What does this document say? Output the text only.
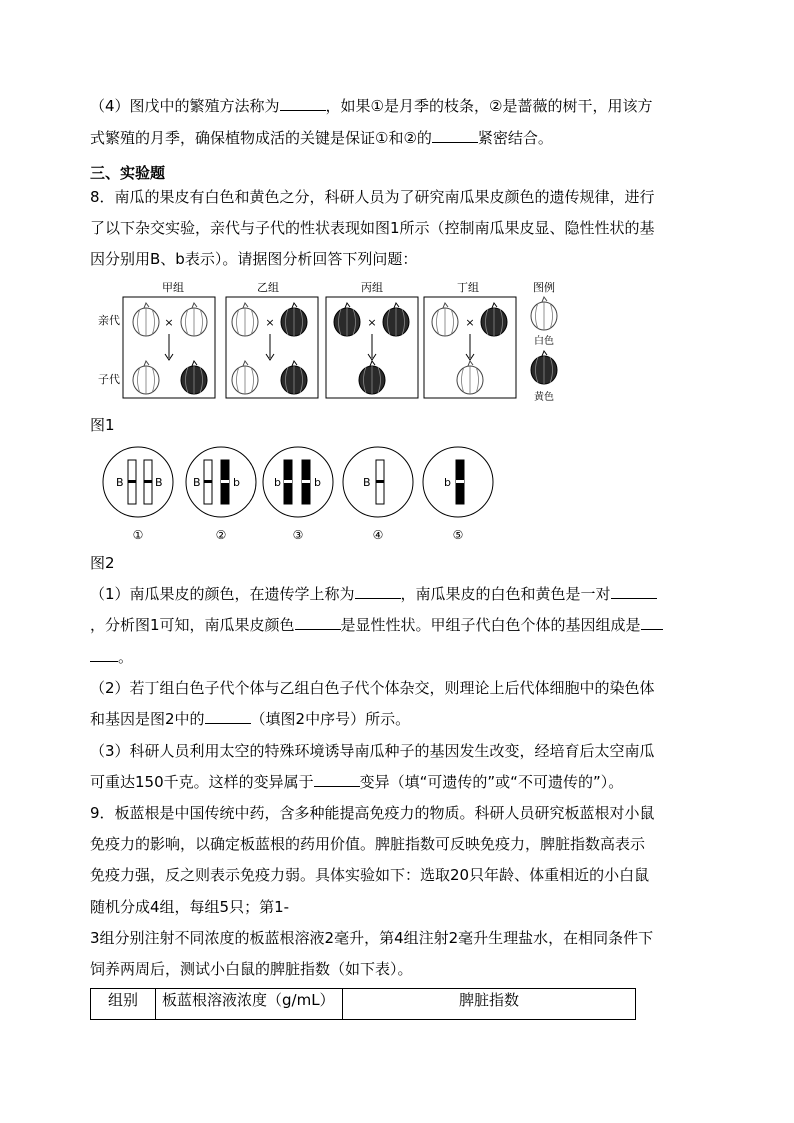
（4）图戊中的繁殖方法称为	，如果①是月季的枝条，②是蔷薇的树干，用该方
式繁殖的月季，确保植物成活的关键是保证①和②的	紧密结合。
三、实验题
8．南瓜的果皮有白色和黄色之分，科研人员为了研究南瓜果皮颜色的遗传规律，进行
了以下杂交实验，亲代与子代的性状表现如图1所示（控制南瓜果皮显、隐性性状的基
因分别用B、b表示）。请据图分析回答下列问题：
亲代
子代
甲组	乙组	丙组	丁组	图例
×	×	×	×
白色
黄色
图1
B	B
①
B	b
②
b	b
③
B
④
b
⑤
图2
（1）南瓜果皮的颜色，在遗传学上称为	，南瓜果皮的白色和黄色是一对
，分析图1可知，南瓜果皮颜色	是显性性状。甲组子代白色个体的基因组成是
。
（2）若丁组白色子代个体与乙组白色子代个体杂交，则理论上后代体细胞中的染色体
和基因是图2中的	（填图2中序号）所示。
（3）科研人员利用太空的特殊环境诱导南瓜种子的基因发生改变，经培育后太空南瓜
可重达150千克。这样的变异属于	变异（填“可遗传的”或“不可遗传的”）。
9．板蓝根是中国传统中药，含多种能提高免疫力的物质。科研人员研究板蓝根对小鼠
免疫力的影响，以确定板蓝根的药用价值。脾脏指数可反映免疫力，脾脏指数高表示
免疫力强，反之则表示免疫力弱。具体实验如下：选取20只年龄、体重相近的小白鼠
随机分成4组，每组5只；第1-
3组分别注射不同浓度的板蓝根溶液2毫升，第4组注射2毫升生理盐水，在相同条件下
饲养两周后，测试小白鼠的脾脏指数（如下表）。
组别	板蓝根溶液浓度（g/mL）	脾脏指数
